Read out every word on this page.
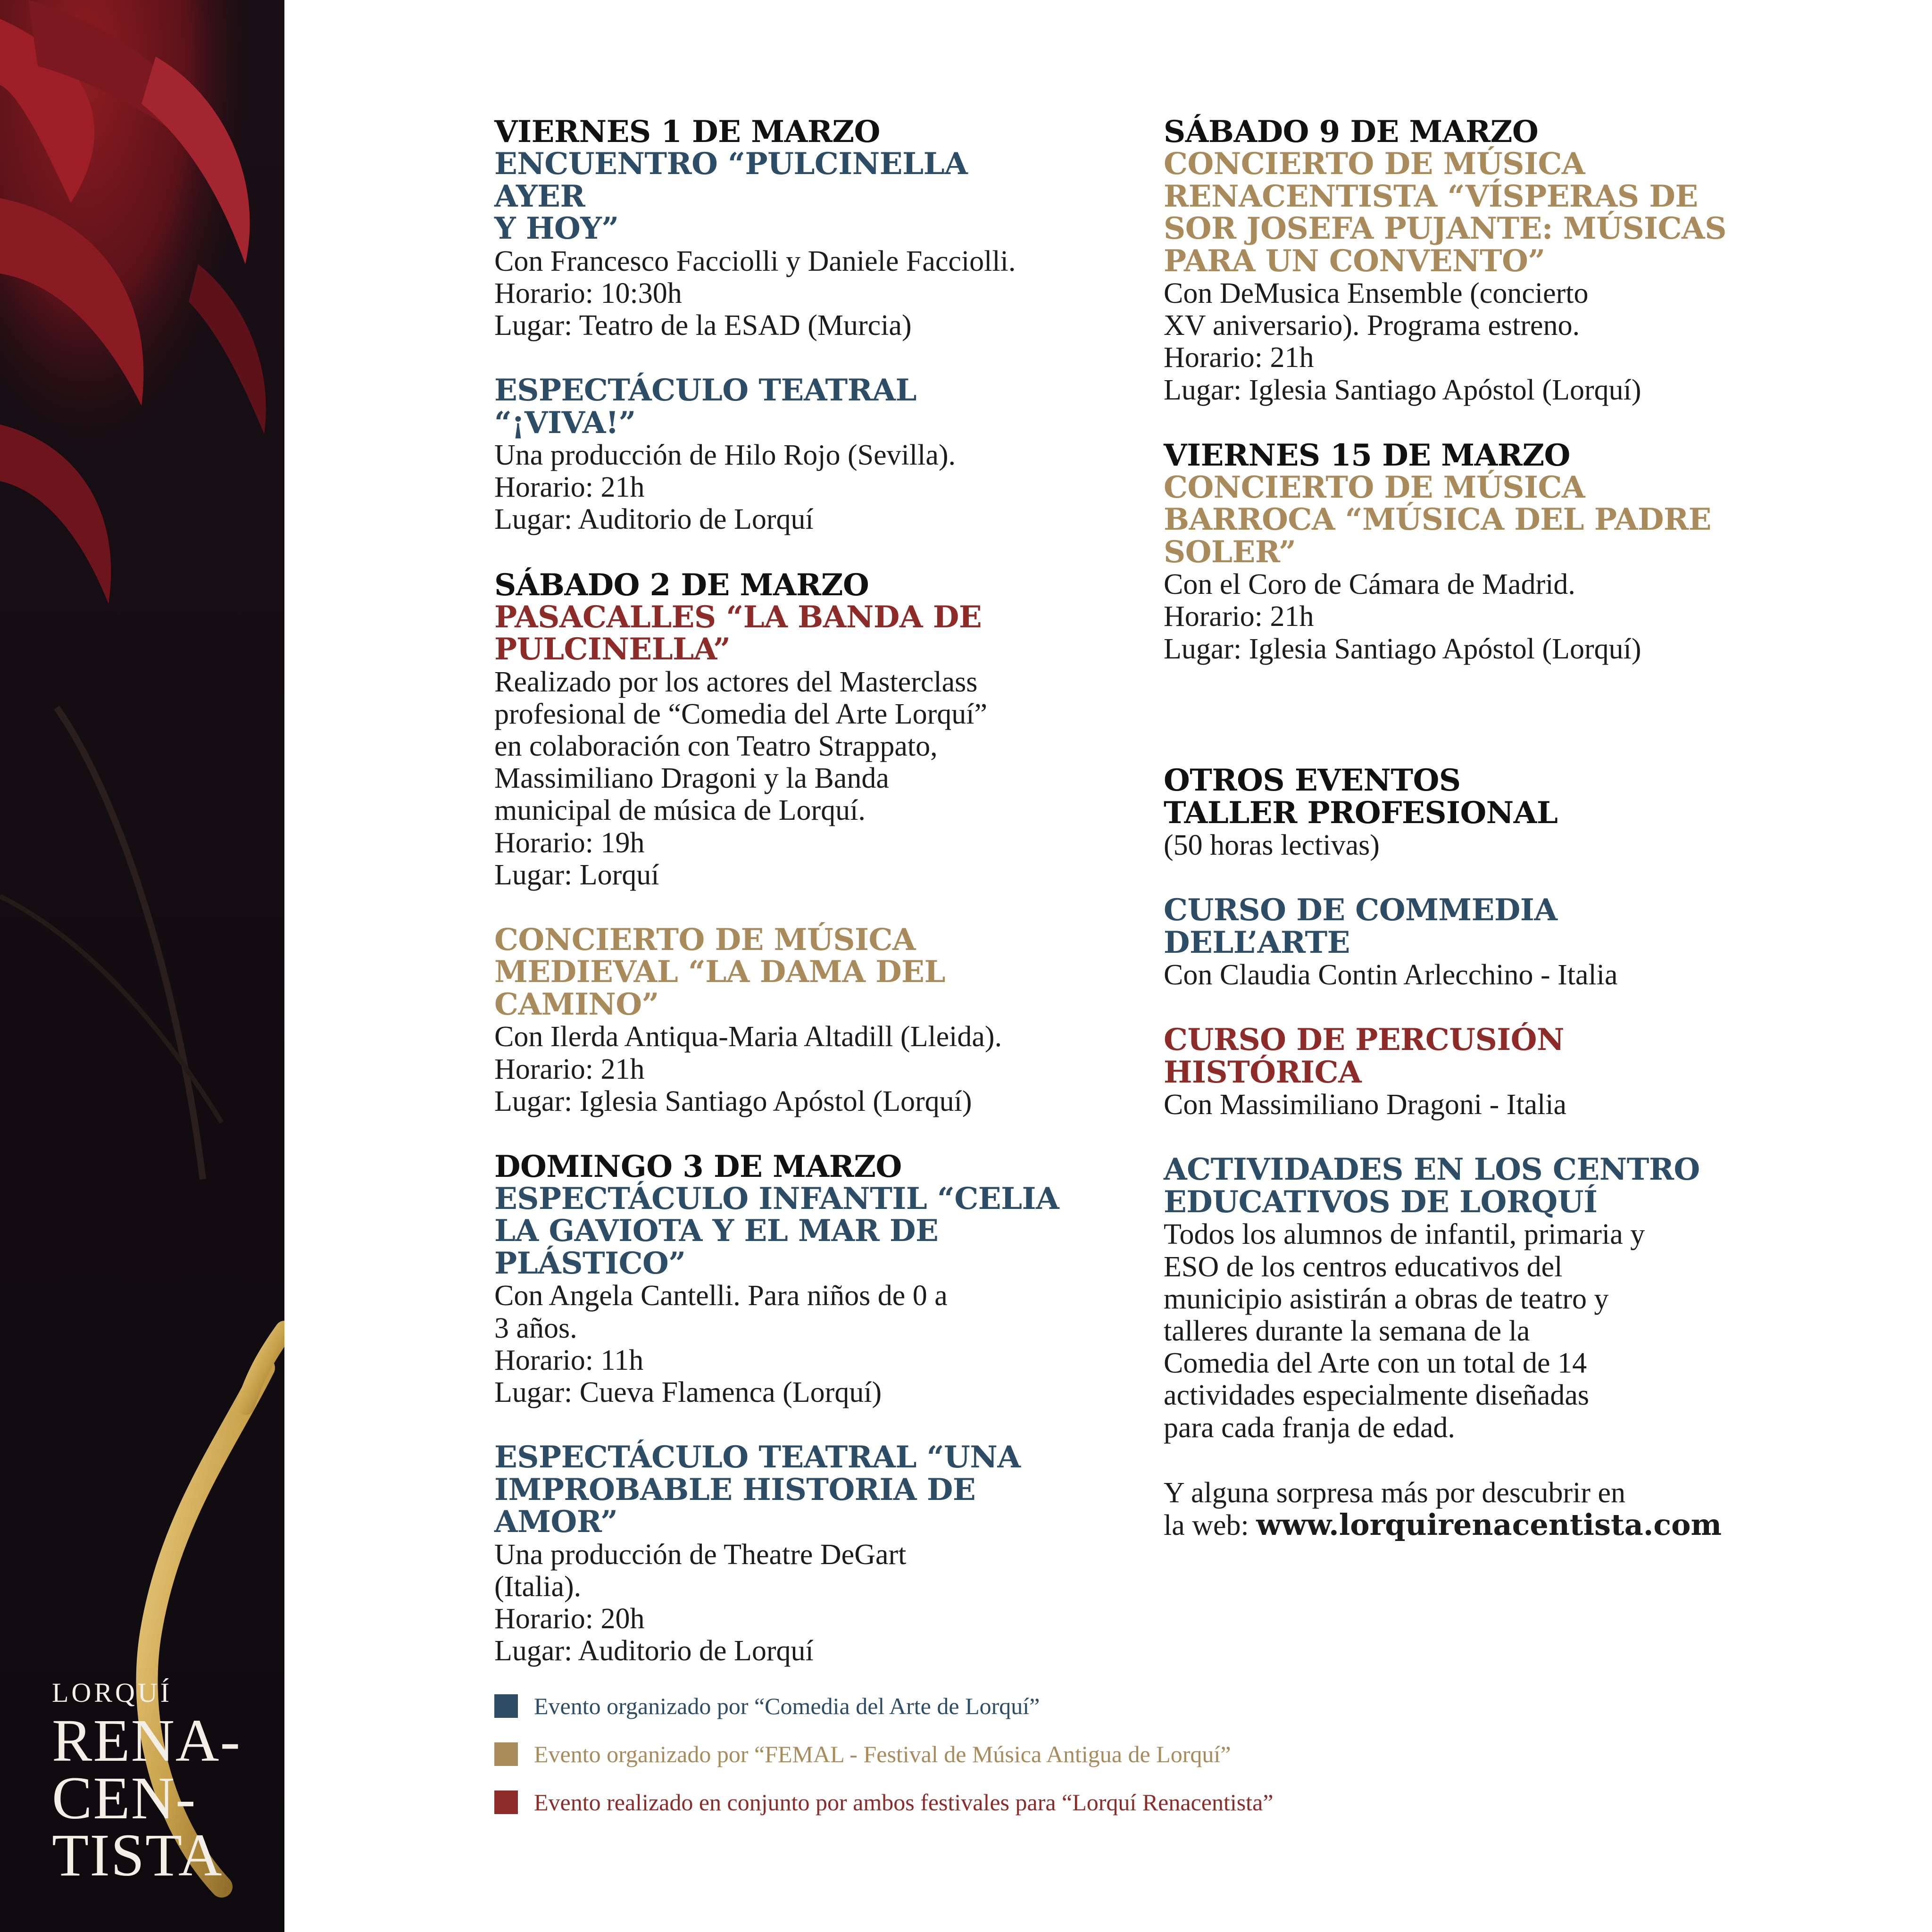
LORQUÍ
RENA-
CEN-
TISTA

VIERNES 1 DE MARZO

ENCUENTRO “PULCINELLA AYER

Y HOY”

Con Francesco Facciolli y Daniele Facciolli.

Horario: 10:30h

Lugar: Teatro de la ESAD (Murcia)

ESPECTÁCULO TEATRAL “¡VIVA!”

Una producción de Hilo Rojo (Sevilla).

Horario: 21h

Lugar: Auditorio de Lorquí

SÁBADO 2 DE MARZO

PASACALLES “LA BANDA DE

PULCINELLA”

Realizado por los actores del Masterclass

profesional de “Comedia del Arte Lorquí”

en colaboración con Teatro Strappato,

Massimiliano Dragoni y la Banda

municipal de música de Lorquí.

Horario: 19h

Lugar: Lorquí

CONCIERTO DE MÚSICA

MEDIEVAL “LA DAMA DEL

CAMINO”

Con Ilerda Antiqua-Maria Altadill (Lleida).

Horario: 21h

Lugar: Iglesia Santiago Apóstol (Lorquí)

DOMINGO 3 DE MARZO

ESPECTÁCULO INFANTIL “CELIA

LA GAVIOTA Y EL MAR DE

PLÁSTICO”

Con Angela Cantelli. Para niños de 0 a

3 años.

Horario: 11h

Lugar: Cueva Flamenca (Lorquí)

ESPECTÁCULO TEATRAL “UNA

IMPROBABLE HISTORIA DE AMOR”

Una producción de Theatre DeGart

(Italia).

Horario: 20h

Lugar: Auditorio de Lorquí

SÁBADO 9 DE MARZO

CONCIERTO DE MÚSICA

RENACENTISTA “VÍSPERAS DE

SOR JOSEFA PUJANTE: MÚSICAS

PARA UN CONVENTO”

Con DeMusica Ensemble (concierto

XV aniversario). Programa estreno.

Horario: 21h

Lugar: Iglesia Santiago Apóstol (Lorquí)

VIERNES 15 DE MARZO

CONCIERTO DE MÚSICA

BARROCA “MÚSICA DEL PADRE

SOLER”

Con el Coro de Cámara de Madrid.

Horario: 21h

Lugar: Iglesia Santiago Apóstol (Lorquí)

OTROS EVENTOS

TALLER PROFESIONAL

(50 horas lectivas)

CURSO DE COMMEDIA

DELL’ARTE

Con Claudia Contin Arlecchino - Italia

CURSO DE PERCUSIÓN

HISTÓRICA

Con Massimiliano Dragoni - Italia

ACTIVIDADES EN LOS CENTRO

EDUCATIVOS DE LORQUÍ

Todos los alumnos de infantil, primaria y

ESO de los centros educativos del

municipio asistirán a obras de teatro y

talleres durante la semana de la

Comedia del Arte con un total de 14

actividades especialmente diseñadas

para cada franja de edad.

Y alguna sorpresa más por descubrir en

la web: www.lorquirenacentista.com

Evento organizado por “Comedia del Arte de Lorquí”
Evento organizado por “FEMAL - Festival de Música Antigua de Lorquí”
Evento realizado en conjunto por ambos festivales para “Lorquí Renacentista”
